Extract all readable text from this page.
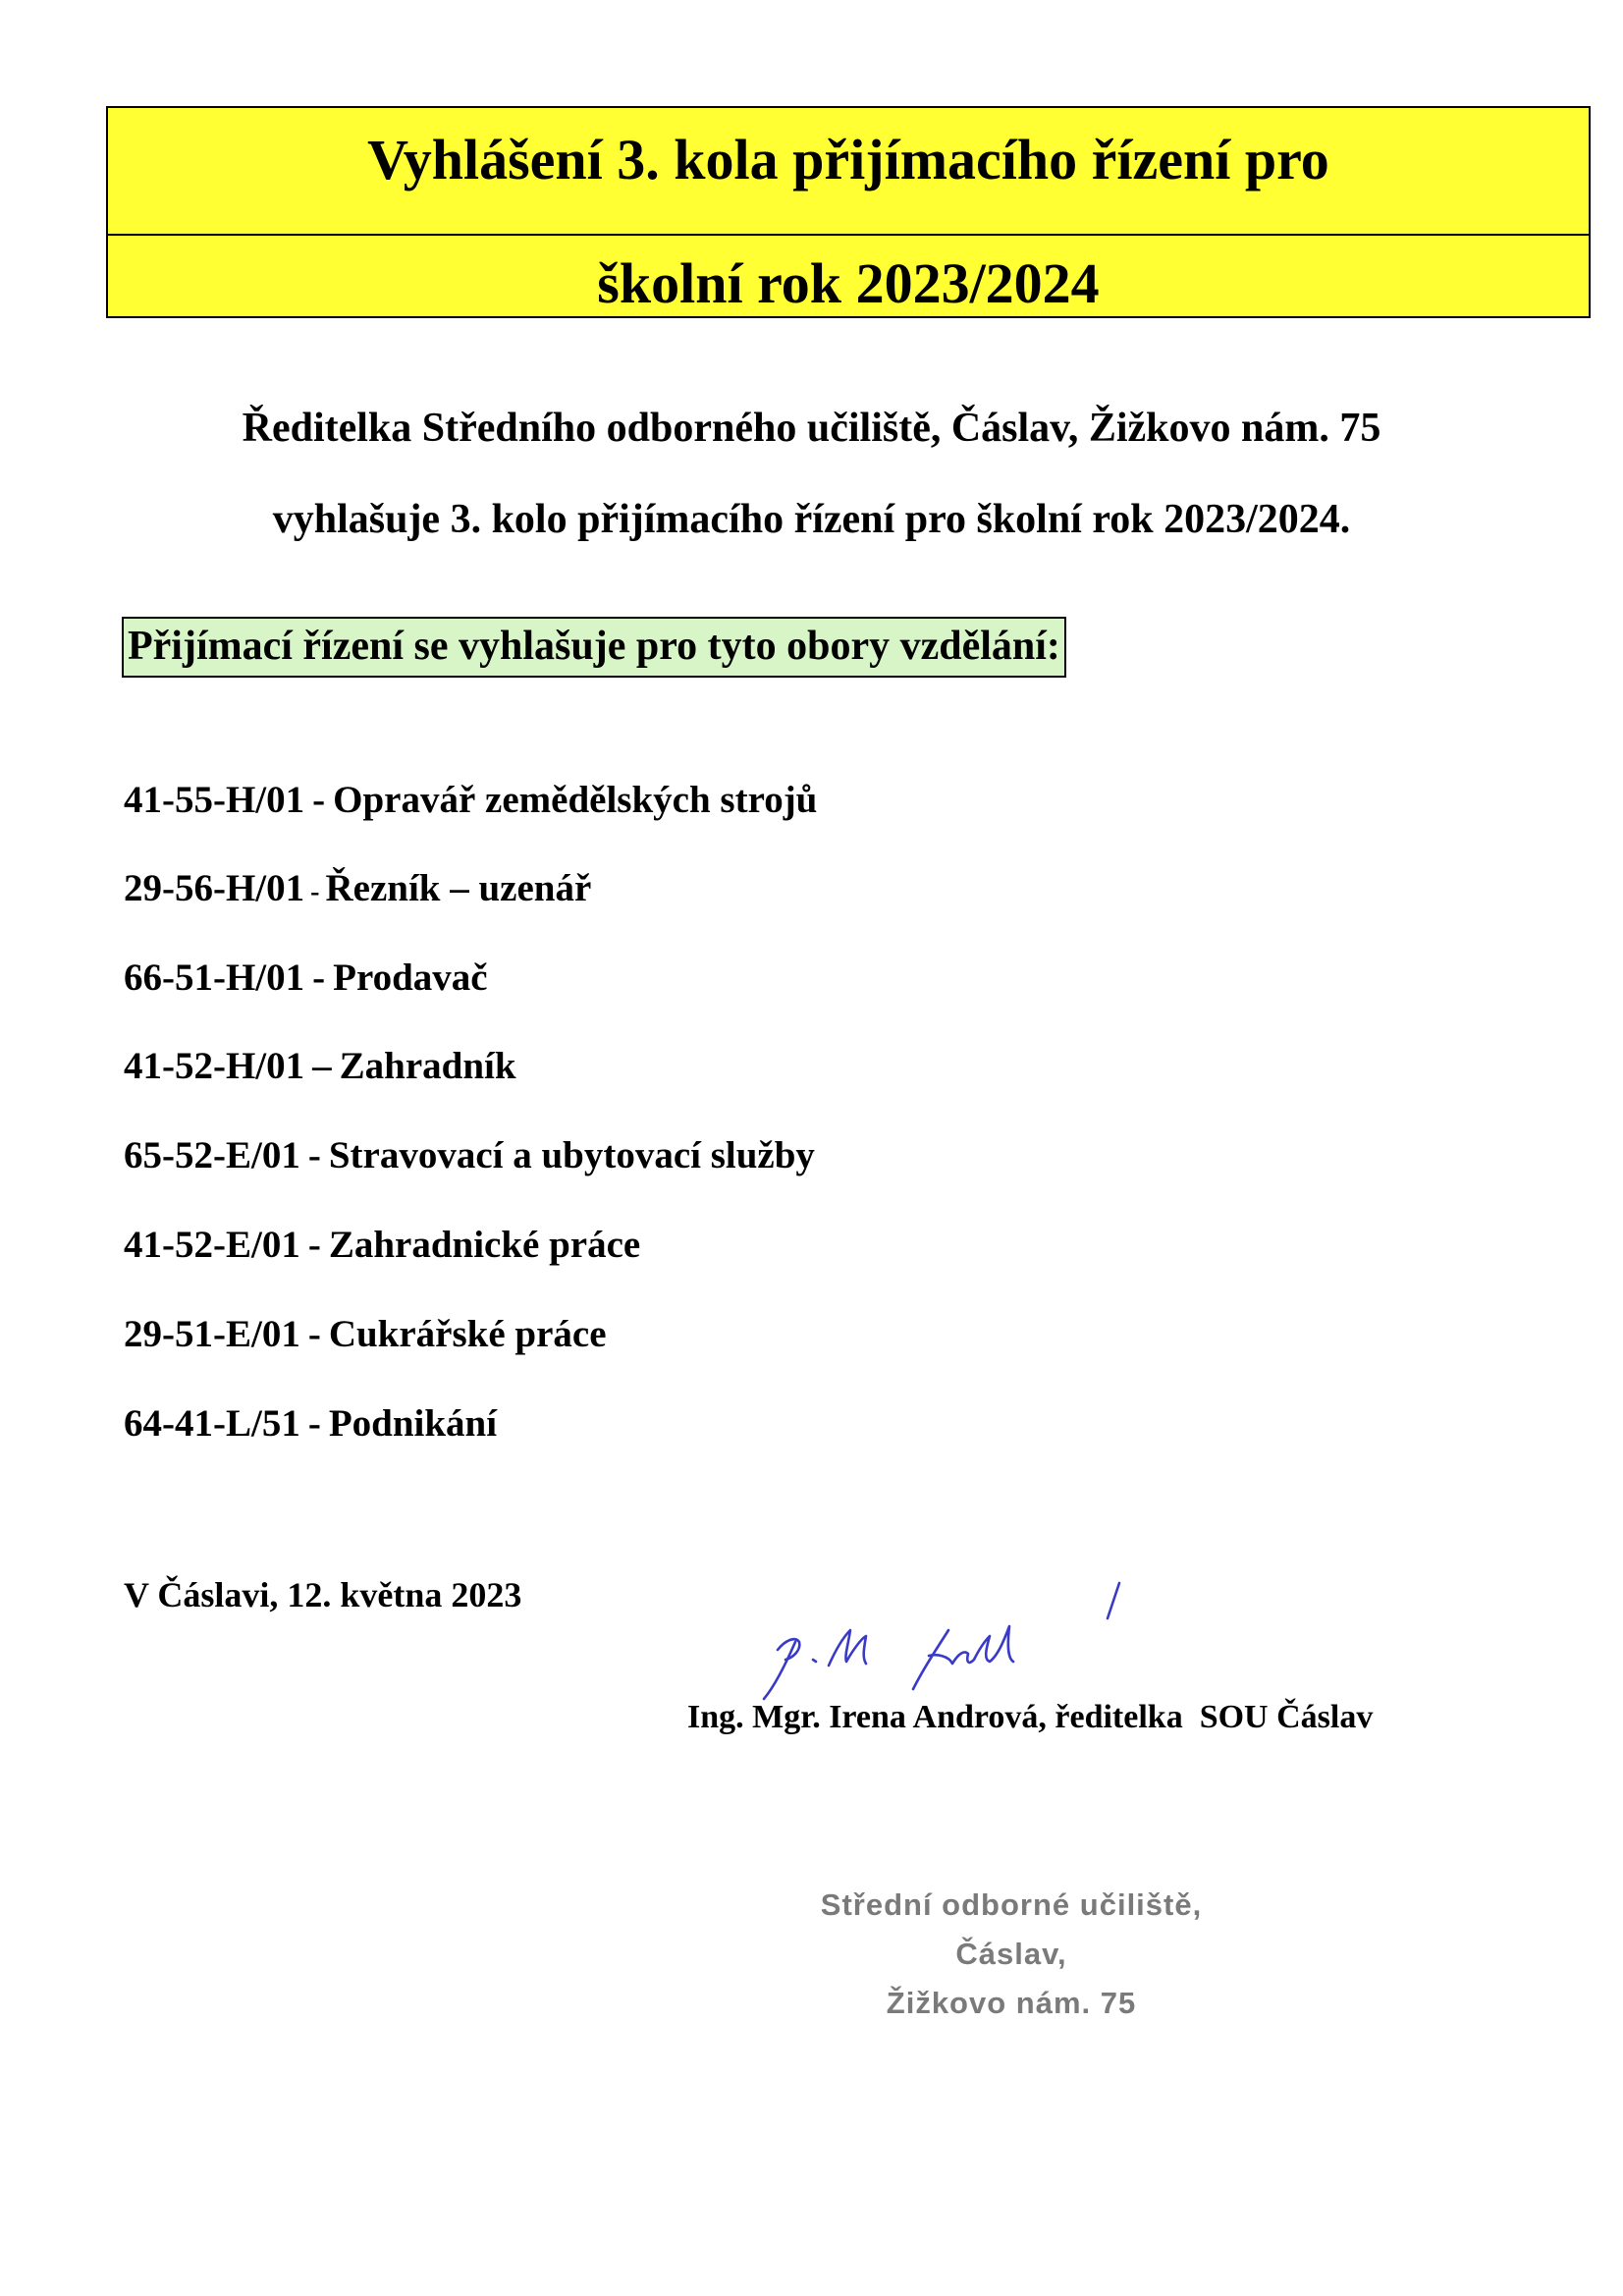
Vyhlášení 3. kola přijímacího řízení pro
školní rok 2023/2024
Ředitelka Středního odborného učiliště, Čáslav, Žižkovo nám. 75
vyhlašuje 3. kolo přijímacího řízení pro školní rok 2023/2024.
Přijímací řízení se vyhlašuje pro tyto obory vzdělání:
41-55-H/01 - Opravář zemědělských strojů
29-56-H/01 - Řezník – uzenář
66-51-H/01 - Prodavač
41-52-H/01 – Zahradník
65-52-E/01 - Stravovací a ubytovací služby
41-52-E/01 - Zahradnické práce
29-51-E/01 - Cukrářské práce
64-41-L/51 - Podnikání
V Čáslavi, 12. května 2023
Ing. Mgr. Irena Andrová, ředitelka  SOU Čáslav
Střední odborné učiliště,
Čáslav,
Žižkovo nám. 75
